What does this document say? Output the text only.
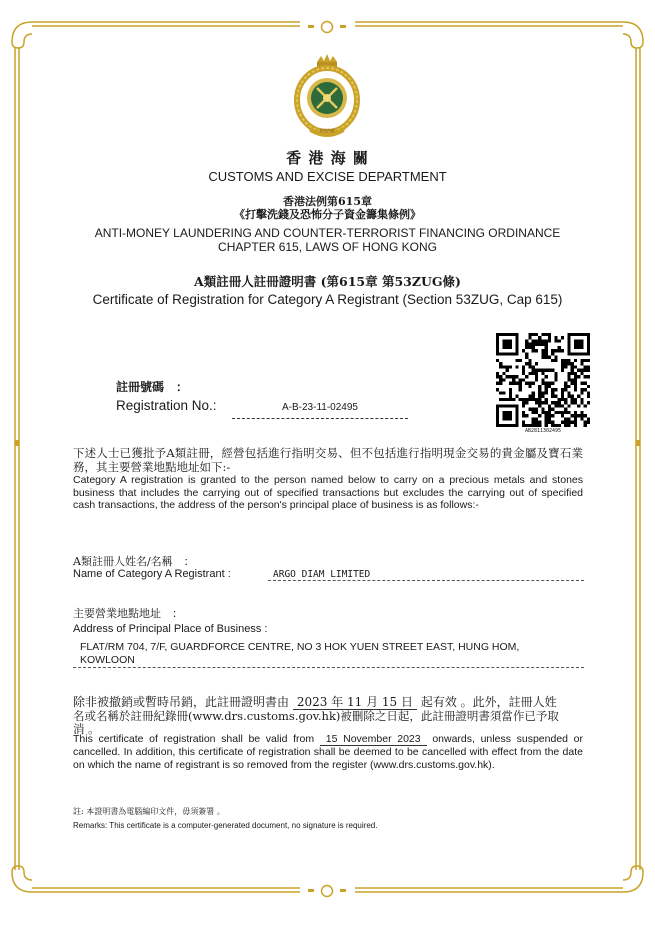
香港海關
香 港 海 關
CUSTOMS AND EXCISE DEPARTMENT
香港法例第615章
《打擊洗錢及恐怖分子資金籌集條例》
ANTI-MONEY LAUNDERING AND COUNTER-TERRORIST FINANCING ORDINANCE
CHAPTER 615, LAWS OF HONG KONG
A類註冊人註冊證明書 (第615章 第53ZUG條)
Certificate of Registration for Category A Registrant (Section 53ZUG, Cap 615)
註冊號碼　：
Registration No.:	A-B-23-11-02495
AB2811302495
下述人士已獲批予A類註冊，經營包括進行指明交易、但不包括進行指明現金交易的貴金屬及寶石業務，其主要營業地點地址如下:-
Category A registration is granted to the person named below to carry on a precious metals and stones business that includes the carrying out of specified transactions but excludes the carrying out of specified cash transactions, the address of the person's principal place of business is as follows:-
A類註冊人姓名/名稱　：
Name of Category A Registrant :	ARGO DIAM LIMITED
主要營業地點地址　：
Address of Principal Place of Business :
FLAT/RM 704, 7/F, GUARDFORCE CENTRE, NO 3 HOK YUEN STREET EAST, HUNG HOM,
KOWLOON
除非被撤銷或暫時吊銷，此註冊證明書由 2023 年 11 月 15 日 起有效 。此外，註冊人姓
名或名稱於註冊紀錄冊(www.drs.customs.gov.hk)被刪除之日起，此註冊證明書須當作已予取
消 。
This certificate of registration shall be valid from 15 November 2023 onwards, unless suspended or cancelled. In addition, this certificate of registration shall be deemed to be cancelled with effect from the date on which the name of registrant is so removed from the register (www.drs.customs.gov.hk).
註: 本證明書為電腦編印文件，毋須簽署 。
Remarks: This certificate is a computer-generated document, no signature is required.
